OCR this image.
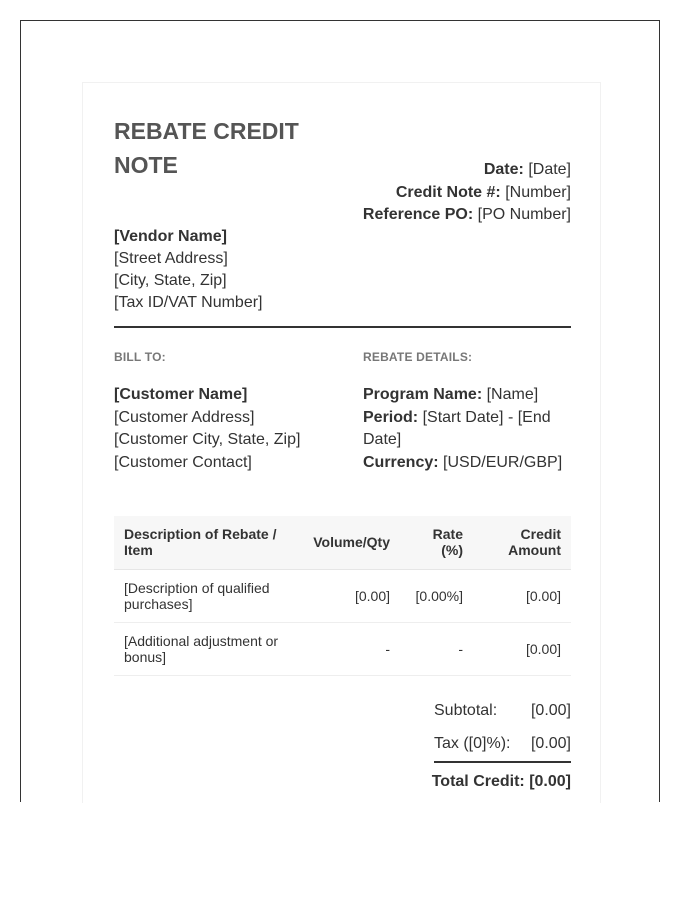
REBATE CREDIT NOTE
[Vendor Name]
[Street Address]
[City, State, Zip]
[Tax ID/VAT Number]
Date: [Date]
Credit Note #: [Number]
Reference PO: [PO Number]
BILL TO:
[Customer Name]
[Customer Address]
[Customer City, State, Zip]
[Customer Contact]
REBATE DETAILS:
Program Name: [Name]
Period: [Start Date] - [End Date]
Currency: [USD/EUR/GBP]
Description of Rebate / Item	Volume/Qty	Rate (%)	Credit Amount
[Description of qualified purchases]	[0.00]	[0.00%]	[0.00]
[Additional adjustment or bonus]	-	-	[0.00]
Subtotal: [0.00]
Tax ([0]%): [0.00]
Total Credit: [0.00]
